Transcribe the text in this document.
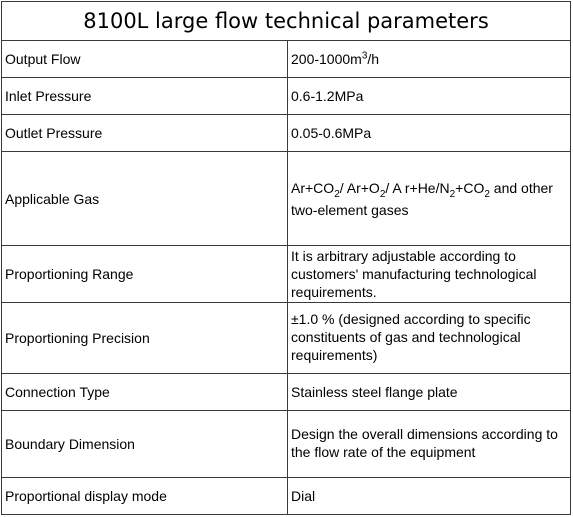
8100L large flow technical parameters	
Output Flow	$200-1000m^3/h$
Inlet Pressure	0.6-1.2MPa
Outlet Pressure	0.05-0.6MPa
Applicable Gas	$Ar+CO_2/$ $Ar+O_2/$ A $r+He/N_2+CO_2$ and other two-element gases
Proportioning Range	It is arbitrary adjustable according to customers' manufacturing technological requirements.
Proportioning Precision	±1.0 % (designed according to specific constituents of gas and technological requirements)
Connection Type	Stainless steel flange plate
Boundary Dimension	Design the overall dimensions according to the flow rate of the equipment
Proportional display mode	Dial
